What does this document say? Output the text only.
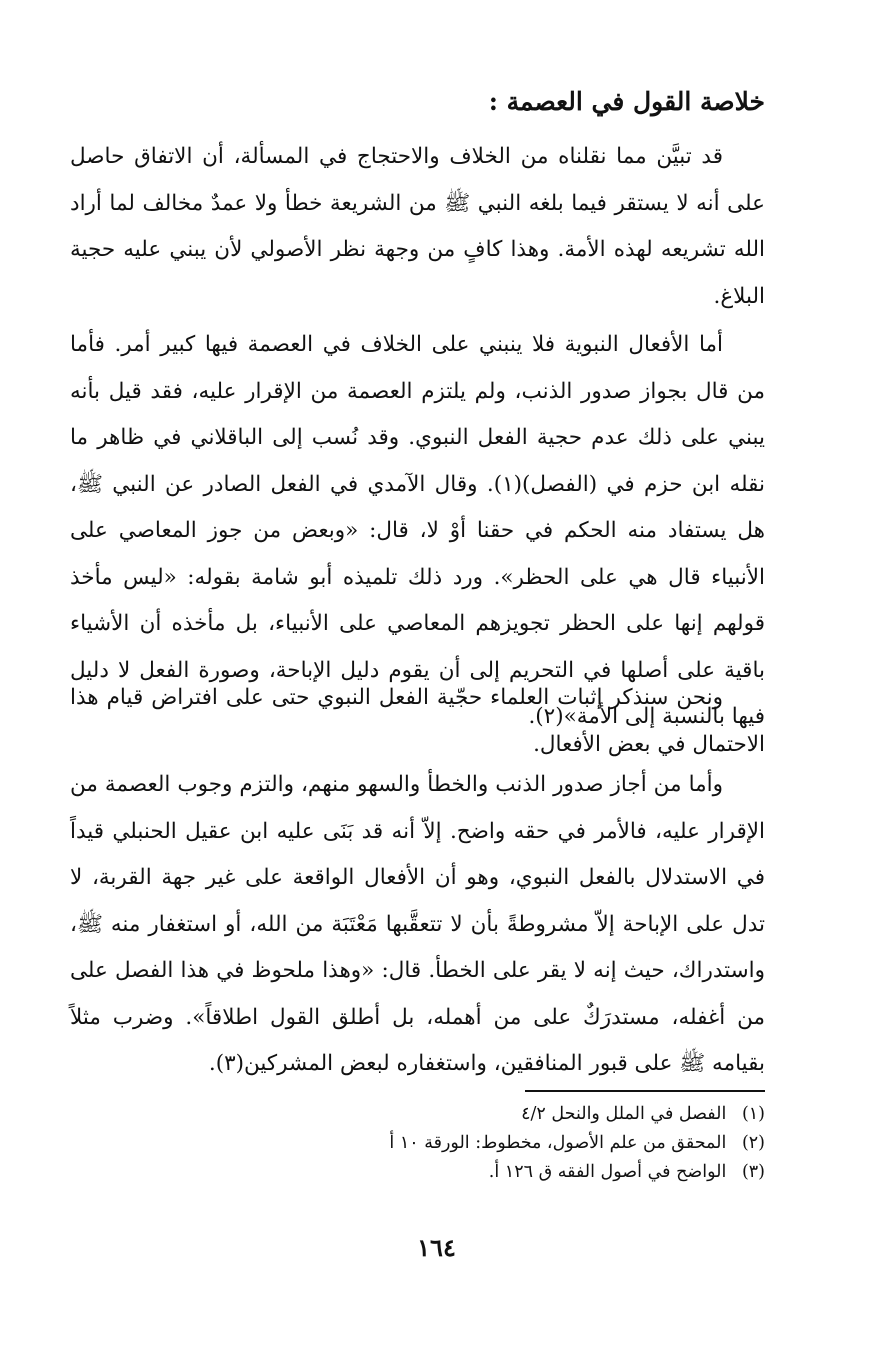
خلاصة القول في العصمة :

قد تبيَّن مما نقلناه من الخلاف والاحتجاج في المسألة، أن الاتفاق حاصل على أنه لا يستقر فيما بلغه النبي ﷺ من الشريعة خطأ ولا عمدٌ مخالف لما أراد الله تشريعه لهذه الأمة. وهذا كافٍ من وجهة نظر الأصولي لأن يبني عليه حجية البلاغ.

أما الأفعال النبوية فلا ينبني على الخلاف في العصمة فيها كبير أمر. فأما من قال بجواز صدور الذنب، ولم يلتزم العصمة من الإقرار عليه، فقد قيل بأنه يبني على ذلك عدم حجية الفعل النبوي. وقد نُسب إلى الباقلاني في ظاهر ما نقله ابن حزم في (الفصل)(١). وقال الآمدي في الفعل الصادر عن النبي ﷺ، هل يستفاد منه الحكم في حقنا أوْ لا، قال: «وبعض من جوز المعاصي على الأنبياء قال هي على الحظر». ورد ذلك تلميذه أبو شامة بقوله: «ليس مأخذ قولهم إنها على الحظر تجويزهم المعاصي على الأنبياء، بل مأخذه أن الأشياء باقية على أصلها في التحريم إلى أن يقوم دليل الإباحة، وصورة الفعل لا دليل فيها بالنسبة إلى الأمة»(٢).

ونحن سنذكر إثبات العلماء حجّية الفعل النبوي حتى على افتراض قيام هذا الاحتمال في بعض الأفعال.

وأما من أجاز صدور الذنب والخطأ والسهو منهم، والتزم وجوب العصمة من الإقرار عليه، فالأمر في حقه واضح. إلاّ أنه قد بَنَى عليه ابن عقيل الحنبلي قيداً في الاستدلال بالفعل النبوي، وهو أن الأفعال الواقعة على غير جهة القربة، لا تدل على الإباحة إلاّ مشروطةً بأن لا تتعقَّبها مَعْتَبَة من الله، أو استغفار منه ﷺ، واستدراك، حيث إنه لا يقر على الخطأ. قال: «وهذا ملحوظ في هذا الفصل على من أغفله، مستدرَكٌ على من أهمله، بل أطلق القول اطلاقاً». وضرب مثلاً بقيامه ﷺ على قبور المنافقين، واستغفاره لبعض المشركين(٣).

(١) الفصل في الملل والنحل ٤/٢
(٢) المحقق من علم الأصول، مخطوط: الورقة ١٠ أ
(٣) الواضح في أصول الفقه ق ١٢٦ أ.
١٦٤
